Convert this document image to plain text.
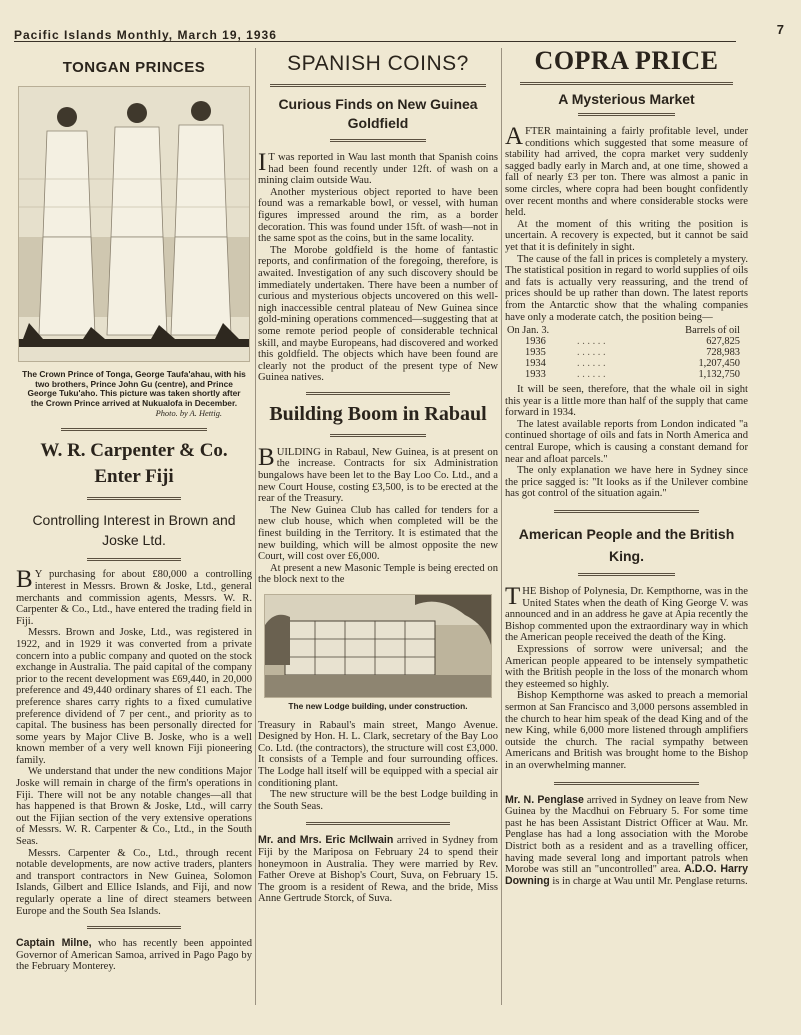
Pacific Islands Monthly, March 19, 1936	7
TONGAN PRINCES
The Crown Prince of Tonga, George Taufa'ahau, with his two brothers, Prince John Gu (centre), and Prince George Tuku'aho. This picture was taken shortly after the Crown Prince arrived at Nukualofa in December.
Photo. by A. Hettig.
W. R. Carpenter & Co.
Enter Fiji
Controlling Interest in Brown and Joske Ltd.

B Y purchasing for about £80,000 a controlling interest in Messrs. Brown & Joske, Ltd., general merchants and commission agents, Messrs. W. R. Carpenter & Co., Ltd., have entered the trading field in Fiji.

Messrs. Brown and Joske, Ltd., was registered in 1922, and in 1929 it was converted from a private concern into a public company and quoted on the stock exchange in Australia. The paid capital of the company prior to the recent development was £69,440, in 20,000 preference and 49,440 ordinary shares of £1 each. The preference shares carry rights to a fixed cumulative preference dividend of 7 per cent., and priority as to capital. The business has been personally directed for some years by Major Clive B. Joske, who is a well known member of a very well known Fiji pioneering family.

We understand that under the new conditions Major Joske will remain in charge of the firm's operations in Fiji. There will not be any notable changes—all that has happened is that Brown & Joske, Ltd., will carry out the Fijian section of the very extensive operations of Messrs. W. R. Carpenter & Co., Ltd., in the South Seas.

Messrs. Carpenter & Co., Ltd., through recent notable developments, are now active traders, planters and transport contractors in New Guinea, Solomon Islands, Gilbert and Ellice Islands, and Fiji, and now regularly operate a line of direct steamers between Europe and the South Sea Islands.

Captain Milne, who has recently been appointed Governor of American Samoa, arrived in Pago Pago by the February Monterey.

SPANISH COINS?
Curious Finds on New Guinea Goldfield

I T was reported in Wau last month that Spanish coins had been found recently under 12ft. of wash on a mining claim outside Wau.

Another mysterious object reported to have been found was a remarkable bowl, or vessel, with human figures impressed around the rim, as a border decoration. This was found under 15ft. of wash—not in the same spot as the coins, but in the same locality.

The Morobe goldfield is the home of fantastic reports, and confirmation of the foregoing, therefore, is awaited. Investigation of any such discovery should be immediately undertaken. There have been a number of curious and mysterious objects uncovered on this well-nigh inaccessible central plateau of New Guinea since gold-mining operations commenced—suggesting that at some remote period people of considerable technical skill, and maybe Europeans, had discovered and worked this goldfield. The objects which have been found are clearly not the product of the present type of New Guinea natives.

Building Boom in Rabaul

BUILDING in Rabaul, New Guinea, is at present on the increase. Contracts for six Administration bungalows have been let to the Bay Loo Co. Ltd., and a new Court House, costing £3,500, is to be erected at the rear of the Treasury.

The New Guinea Club has called for tenders for a new club house, which when completed will be the finest building in the Territory. It is estimated that the new building, which will be almost opposite the new Court, will cost over £6,000.

At present a new Masonic Temple is being erected on the block next to the

The new Lodge building, under construction.

Treasury in Rabaul's main street, Mango Avenue. Designed by Hon. H. L. Clark, secretary of the Bay Loo Co. Ltd. (the contractors), the structure will cost £3,000. It consists of a Temple and four surrounding offices. The Lodge hall itself will be equipped with a special air conditioning plant.

The new structure will be the best Lodge building in the South Seas.

Mr. and Mrs. Eric McIlwain arrived in Sydney from Fiji by the Mariposa on February 24 to spend their honeymoon in Australia. They were married by Rev. Father Oreve at Bishop's Court, Suva, on February 15. The groom is a resident of Rewa, and the bride, Miss Anne Gertrude Storck, of Suva.

COPRA PRICE
A Mysterious Market

AFTER maintaining a fairly profitable level, under conditions which suggested that some measure of stability had arrived, the copra market very suddenly sagged badly early in March and, at one time, showed a fall of nearly £3 per ton. There was almost a panic in some circles, where copra had been bought confidently over recent months and where considerable stocks were held.

At the moment of this writing the position is uncertain. A recovery is expected, but it cannot be said yet that it is definitely in sight.

The cause of the fall in prices is completely a mystery. The statistical position in regard to world supplies of oils and fats is actually very reassuring, and the trend of prices should be up rather than down. The latest reports from the Antarctic show that the whaling companies have only a moderate catch, the position being—

On Jan. 3.		Barrels of oil
1936	. . . . . .	627,825
1935	. . . . . .	728,983
1934	. . . . . .	1,207,450
1933	. . . . . .	1,132,750

It will be seen, therefore, that the whale oil in sight this year is a little more than half of the supply that came forward in 1934.

The latest available reports from London indicated "a continued shortage of oils and fats in North America and central Europe, which is causing a constant demand for near and afloat parcels."

The only explanation we have here in Sydney since the price sagged is: "It looks as if the Unilever combine has got control of the situation again."

American People and the British King.

THE Bishop of Polynesia, Dr. Kempthorne, was in the United States when the death of King George V. was announced and in an address he gave at Apia recently the Bishop commented upon the extraordinary way in which the American people received the death of the King.

Expressions of sorrow were universal; and the American people appeared to be intensely sympathetic with the British people in the loss of the monarch whom they esteemed so highly.

Bishop Kempthorne was asked to preach a memorial sermon at San Francisco and 3,000 persons assembled in the church to hear him speak of the dead King and of the new King, while 6,000 more listened through amplifiers outside the church. The racial sympathy between Americans and British was brought home to the Bishop in an overwhelming manner.

Mr. N. Penglase arrived in Sydney on leave from New Guinea by the Macdhui on February 5. For some time past he has been Assistant District Officer at Wau. Mr. Penglase has had a long association with the Morobe District both as a resident and as a travelling officer, having made several long and important patrols when Morobe was still an "uncontrolled" area. A.D.O. Harry Downing is in charge at Wau until Mr. Penglase returns.
